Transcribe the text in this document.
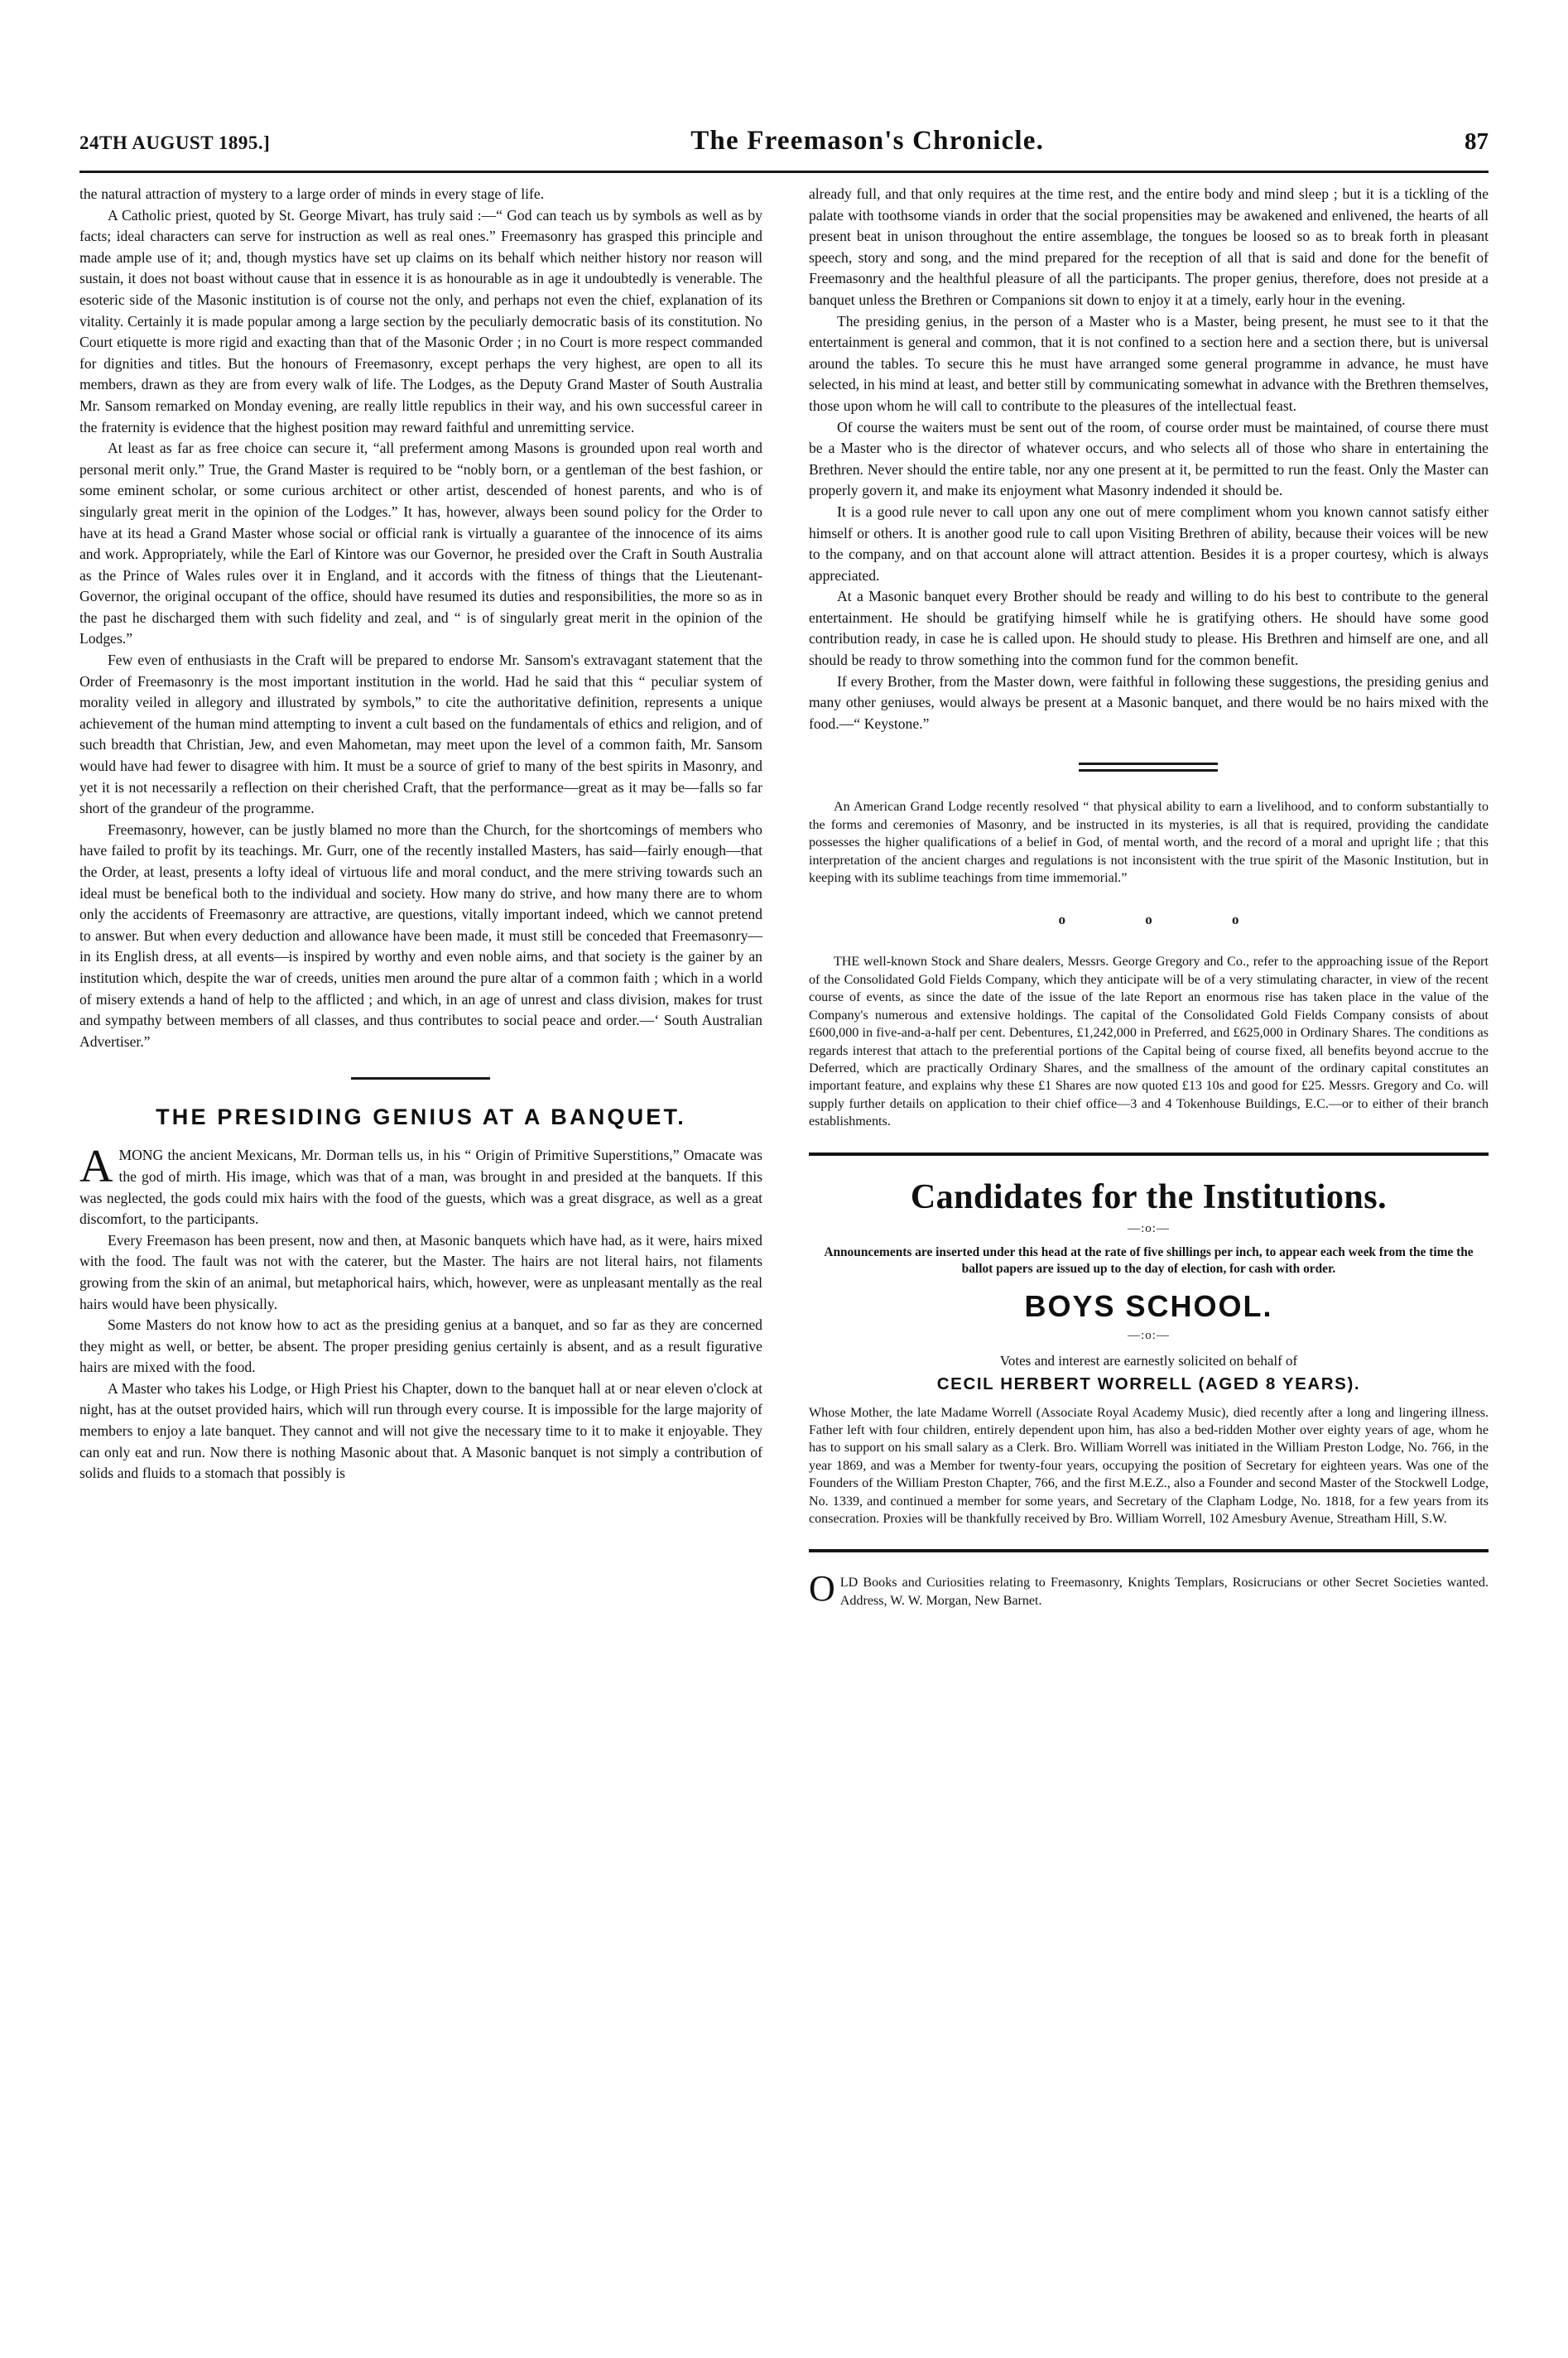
24TH AUGUST 1895.]	The Freemason's Chronicle.	87

the natural attraction of mystery to a large order of minds in every stage of life.

A Catholic priest, quoted by St. George Mivart, has truly said :—“ God can teach us by symbols as well as by facts; ideal characters can serve for instruction as well as real ones.” Freemasonry has grasped this principle and made ample use of it; and, though mystics have set up claims on its behalf which neither history nor reason will sustain, it does not boast without cause that in essence it is as honourable as in age it undoubtedly is venerable. The esoteric side of the Masonic institution is of course not the only, and perhaps not even the chief, explanation of its vitality. Certainly it is made popular among a large section by the peculiarly democratic basis of its constitution. No Court etiquette is more rigid and exacting than that of the Masonic Order ; in no Court is more respect commanded for dignities and titles. But the honours of Freemasonry, except perhaps the very highest, are open to all its members, drawn as they are from every walk of life. The Lodges, as the Deputy Grand Master of South Australia Mr. Sansom remarked on Monday evening, are really little republics in their way, and his own successful career in the fraternity is evidence that the highest position may reward faithful and unremitting service.

At least as far as free choice can secure it, “all preferment among Masons is grounded upon real worth and personal merit only.” True, the Grand Master is required to be “nobly born, or a gentleman of the best fashion, or some eminent scholar, or some curious architect or other artist, descended of honest parents, and who is of singularly great merit in the opinion of the Lodges.” It has, however, always been sound policy for the Order to have at its head a Grand Master whose social or official rank is virtually a guarantee of the innocence of its aims and work. Appropriately, while the Earl of Kintore was our Governor, he presided over the Craft in South Australia as the Prince of Wales rules over it in England, and it accords with the fitness of things that the Lieutenant-Governor, the original occupant of the office, should have resumed its duties and responsibilities, the more so as in the past he discharged them with such fidelity and zeal, and “ is of singularly great merit in the opinion of the Lodges.”

Few even of enthusiasts in the Craft will be prepared to endorse Mr. Sansom's extravagant statement that the Order of Freemasonry is the most important institution in the world. Had he said that this “ peculiar system of morality veiled in allegory and illustrated by symbols,” to cite the authoritative definition, represents a unique achievement of the human mind attempting to invent a cult based on the fundamentals of ethics and religion, and of such breadth that Christian, Jew, and even Mahometan, may meet upon the level of a common faith, Mr. Sansom would have had fewer to disagree with him. It must be a source of grief to many of the best spirits in Masonry, and yet it is not necessarily a reflection on their cherished Craft, that the performance—great as it may be—falls so far short of the grandeur of the programme.

Freemasonry, however, can be justly blamed no more than the Church, for the shortcomings of members who have failed to profit by its teachings. Mr. Gurr, one of the recently installed Masters, has said—fairly enough—that the Order, at least, presents a lofty ideal of virtuous life and moral conduct, and the mere striving towards such an ideal must be benefical both to the individual and society. How many do strive, and how many there are to whom only the accidents of Freemasonry are attractive, are questions, vitally important indeed, which we cannot pretend to answer. But when every deduction and allowance have been made, it must still be conceded that Freemasonry—in its English dress, at all events—is inspired by worthy and even noble aims, and that society is the gainer by an institution which, despite the war of creeds, unities men around the pure altar of a common faith ; which in a world of misery extends a hand of help to the afflicted ; and which, in an age of unrest and class division, makes for trust and sympathy between members of all classes, and thus contributes to social peace and order.—‘ South Australian Advertiser.”

THE PRESIDING GENIUS AT A BANQUET.

AMONG the ancient Mexicans, Mr. Dorman tells us, in his “ Origin of Primitive Superstitions,” Omacate was the god of mirth. His image, which was that of a man, was brought in and presided at the banquets. If this was neglected, the gods could mix hairs with the food of the guests, which was a great disgrace, as well as a great discomfort, to the participants.

Every Freemason has been present, now and then, at Masonic banquets which have had, as it were, hairs mixed with the food. The fault was not with the caterer, but the Master. The hairs are not literal hairs, not filaments growing from the skin of an animal, but metaphorical hairs, which, however, were as unpleasant mentally as the real hairs would have been physically.

Some Masters do not know how to act as the presiding genius at a banquet, and so far as they are concerned they might as well, or better, be absent. The proper presiding genius certainly is absent, and as a result figurative hairs are mixed with the food.

A Master who takes his Lodge, or High Priest his Chapter, down to the banquet hall at or near eleven o'clock at night, has at the outset provided hairs, which will run through every course. It is impossible for the large majority of members to enjoy a late banquet. They cannot and will not give the necessary time to it to make it enjoyable. They can only eat and run. Now there is nothing Masonic about that. A Masonic banquet is not simply a contribution of solids and fluids to a stomach that possibly is

already full, and that only requires at the time rest, and the entire body and mind sleep ; but it is a tickling of the palate with toothsome viands in order that the social propensities may be awakened and enlivened, the hearts of all present beat in unison throughout the entire assemblage, the tongues be loosed so as to break forth in pleasant speech, story and song, and the mind prepared for the reception of all that is said and done for the benefit of Freemasonry and the healthful pleasure of all the participants. The proper genius, therefore, does not preside at a banquet unless the Brethren or Companions sit down to enjoy it at a timely, early hour in the evening.

The presiding genius, in the person of a Master who is a Master, being present, he must see to it that the entertainment is general and common, that it is not confined to a section here and a section there, but is universal around the tables. To secure this he must have arranged some general programme in advance, he must have selected, in his mind at least, and better still by communicating somewhat in advance with the Brethren themselves, those upon whom he will call to contribute to the pleasures of the intellectual feast.

Of course the waiters must be sent out of the room, of course order must be maintained, of course there must be a Master who is the director of whatever occurs, and who selects all of those who share in entertaining the Brethren. Never should the entire table, nor any one present at it, be permitted to run the feast. Only the Master can properly govern it, and make its enjoyment what Masonry indended it should be.

It is a good rule never to call upon any one out of mere compliment whom you known cannot satisfy either himself or others. It is another good rule to call upon Visiting Brethren of ability, because their voices will be new to the company, and on that account alone will attract attention. Besides it is a proper courtesy, which is always appreciated.

At a Masonic banquet every Brother should be ready and willing to do his best to contribute to the general entertainment. He should be gratifying himself while he is gratifying others. He should have some good contribution ready, in case he is called upon. He should study to please. His Brethren and himself are one, and all should be ready to throw something into the common fund for the common benefit.

If every Brother, from the Master down, were faithful in following these suggestions, the presiding genius and many other geniuses, would always be present at a Masonic banquet, and there would be no hairs mixed with the food.—“ Keystone.”

An American Grand Lodge recently resolved “ that physical ability to earn a livelihood, and to conform substantially to the forms and ceremonies of Masonry, and be instructed in its mysteries, is all that is required, providing the candidate possesses the higher qualifications of a belief in God, of mental worth, and the record of a moral and upright life ; that this interpretation of the ancient charges and regulations is not inconsistent with the true spirit of the Masonic Institution, but in keeping with its sublime teachings from time immemorial.”

o o o

THE well-known Stock and Share dealers, Messrs. George Gregory and Co., refer to the approaching issue of the Report of the Consolidated Gold Fields Company, which they anticipate will be of a very stimulating character, in view of the recent course of events, as since the date of the issue of the late Report an enormous rise has taken place in the value of the Company's numerous and extensive holdings. The capital of the Consolidated Gold Fields Company consists of about £600,000 in five-and-a-half per cent. Debentures, £1,242,000 in Preferred, and £625,000 in Ordinary Shares. The conditions as regards interest that attach to the preferential portions of the Capital being of course fixed, all benefits beyond accrue to the Deferred, which are practically Ordinary Shares, and the smallness of the amount of the ordinary capital constitutes an important feature, and explains why these £1 Shares are now quoted £13 10s and good for £25. Messrs. Gregory and Co. will supply further details on application to their chief office—3 and 4 Tokenhouse Buildings, E.C.—or to either of their branch establishments.

Candidates for the Institutions.
—:o:—

Announcements are inserted under this head at the rate of five shillings per inch, to appear each week from the time the ballot papers are issued up to the day of election, for cash with order.

BOYS SCHOOL.
—:o:—
Votes and interest are earnestly solicited on behalf of
CECIL HERBERT WORRELL (AGED 8 YEARS).

Whose Mother, the late Madame Worrell (Associate Royal Academy Music), died recently after a long and lingering illness. Father left with four children, entirely dependent upon him, has also a bed-ridden Mother over eighty years of age, whom he has to support on his small salary as a Clerk. Bro. William Worrell was initiated in the William Preston Lodge, No. 766, in the year 1869, and was a Member for twenty-four years, occupying the position of Secretary for eighteen years. Was one of the Founders of the William Preston Chapter, 766, and the first M.E.Z., also a Founder and second Master of the Stockwell Lodge, No. 1339, and continued a member for some years, and Secretary of the Clapham Lodge, No. 1818, for a few years from its consecration. Proxies will be thankfully received by Bro. William Worrell, 102 Amesbury Avenue, Streatham Hill, S.W.

OLD Books and Curiosities relating to Freemasonry, Knights Templars, Rosicrucians or other Secret Societies wanted. Address, W. W. Morgan, New Barnet.
